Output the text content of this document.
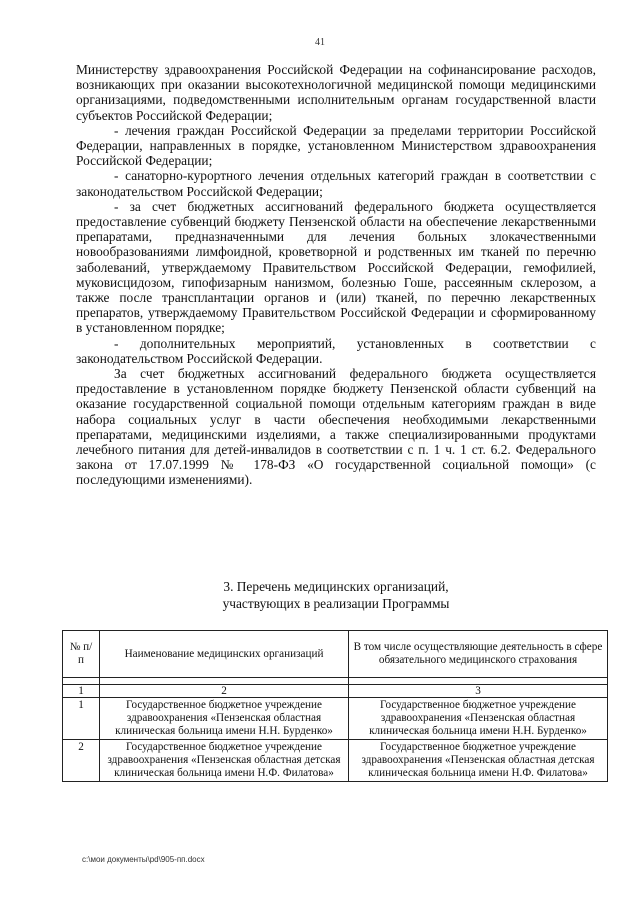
41

Министерству здравоохранения Российской Федерации на софинансирование расходов, возникающих при оказании высокотехнологичной медицинской помощи медицинскими организациями, подведомственными исполнительным органам государственной власти субъектов Российской Федерации;

- лечения граждан Российской Федерации за пределами территории Российской Федерации, направленных в порядке, установленном Министерством здравоохранения Российской Федерации;

- санаторно-курортного лечения отдельных категорий граждан в соответствии с законодательством Российской Федерации;

- за счет бюджетных ассигнований федерального бюджета осуществляется предоставление субвенций бюджету Пензенской области на обеспечение лекарственными препаратами, предназначенными для лечения больных злокачественными новообразованиями лимфоидной, кроветворной и родственных им тканей по перечню заболеваний, утверждаемому Правительством Российской Федерации, гемофилией, муковисцидозом, гипофизарным нанизмом, болезнью Гоше, рассеянным склерозом, а также после трансплантации органов и (или) тканей, по перечню лекарственных препаратов, утверждаемому Правительством Российской Федерации и сформированному в установленном порядке;

- дополнительных мероприятий, установленных в соответствии с законодательством Российской Федерации.

За счет бюджетных ассигнований федерального бюджета осуществляется предоставление в установленном порядке бюджету Пензенской области субвенций на оказание государственной социальной помощи отдельным категориям граждан в виде набора социальных услуг в части обеспечения необходимыми лекарственными препаратами, медицинскими изделиями, а также специализированными продуктами лечебного питания для детей-инвалидов в соответствии с п. 1 ч. 1 ст. 6.2. Федерального закона от 17.07.1999 № 178-ФЗ «О государственной социальной помощи» (с последующими изменениями).

3. Перечень медицинских организаций,
участвующих в реализации Программы
№ п/п	Наименование медицинских организаций	В том числе осуществляющие деятельность в сфере обязательного медицинского страхования

1	2	3
1	Государственное бюджетное учреждение здравоохранения «Пензенская областная клиническая больница имени Н.Н. Бурденко»	Государственное бюджетное учреждение здравоохранения «Пензенская областная клиническая больница имени Н.Н. Бурденко»
2	Государственное бюджетное учреждение здравоохранения «Пензенская областная детская клиническая больница имени Н.Ф. Филатова»	Государственное бюджетное учреждение здравоохранения «Пензенская областная детская клиническая больница имени Н.Ф. Филатова»
c:\мои документы\pd\905-пп.docx
